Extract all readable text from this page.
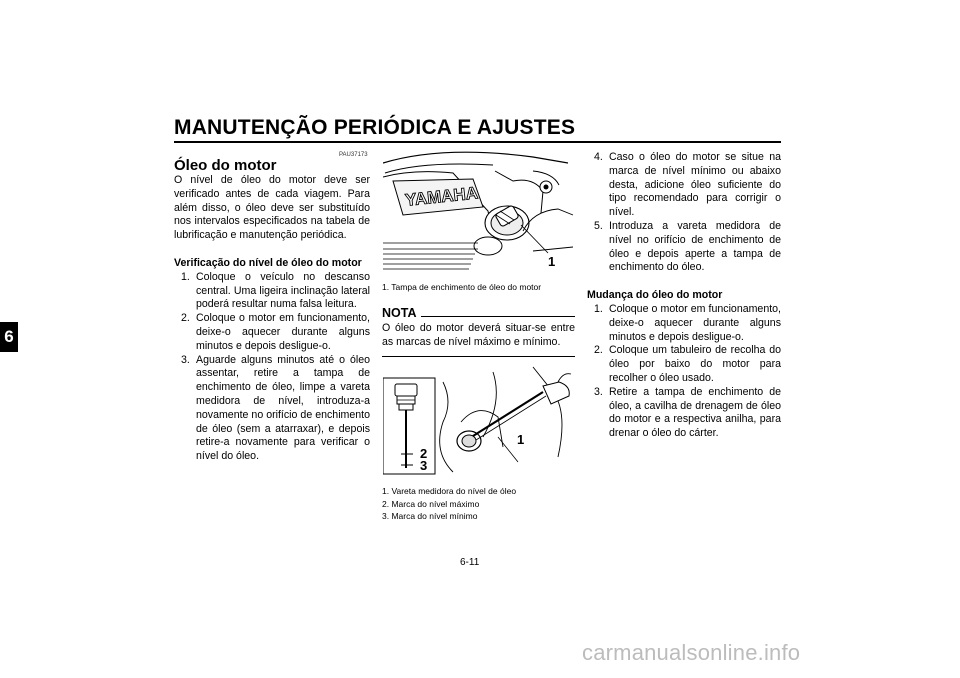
MANUTENÇÃO PERIÓDICA E AJUSTES
6
PAU37173
Óleo do motor
O nível de óleo do motor deve ser verificado antes de cada viagem. Para além disso, o óleo deve ser substituído nos intervalos especificados na tabela de lubrificação e manutenção periódica.
Verificação do nível de óleo do motor
1. Coloque o veículo no descanso central. Uma ligeira inclinação lateral poderá resultar numa falsa leitura.
2. Coloque o motor em funcionamento, deixe-o aquecer durante alguns minutos e depois desligue-o.
3. Aguarde alguns minutos até o óleo assentar, retire a tampa de enchimento de óleo, limpe a vareta medidora de nível, introduza-a novamente no orifício de enchimento de óleo (sem a atarraxar), e depois retire-a novamente para verificar o nível do óleo.
YAMAHA
1
1. Tampa de enchimento de óleo do motor
NOTA
O óleo do motor deverá situar-se entre as marcas de nível máximo e mínimo.
1
2
3
1. Vareta medidora do nível de óleo
2. Marca do nível máximo
3. Marca do nível mínimo
4. Caso o óleo do motor se situe na marca de nível mínimo ou abaixo desta, adicione óleo suficiente do tipo recomendado para corrigir o nível.
5. Introduza a vareta medidora de nível no orifício de enchimento de óleo e depois aperte a tampa de enchimento do óleo.
Mudança do óleo do motor
1. Coloque o motor em funcionamento, deixe-o aquecer durante alguns minutos e depois desligue-o.
2. Coloque um tabuleiro de recolha do óleo por baixo do motor para recolher o óleo usado.
3. Retire a tampa de enchimento de óleo, a cavilha de drenagem de óleo do motor e a respectiva anilha, para drenar o óleo do cárter.
6-11
carmanualsonline.info
